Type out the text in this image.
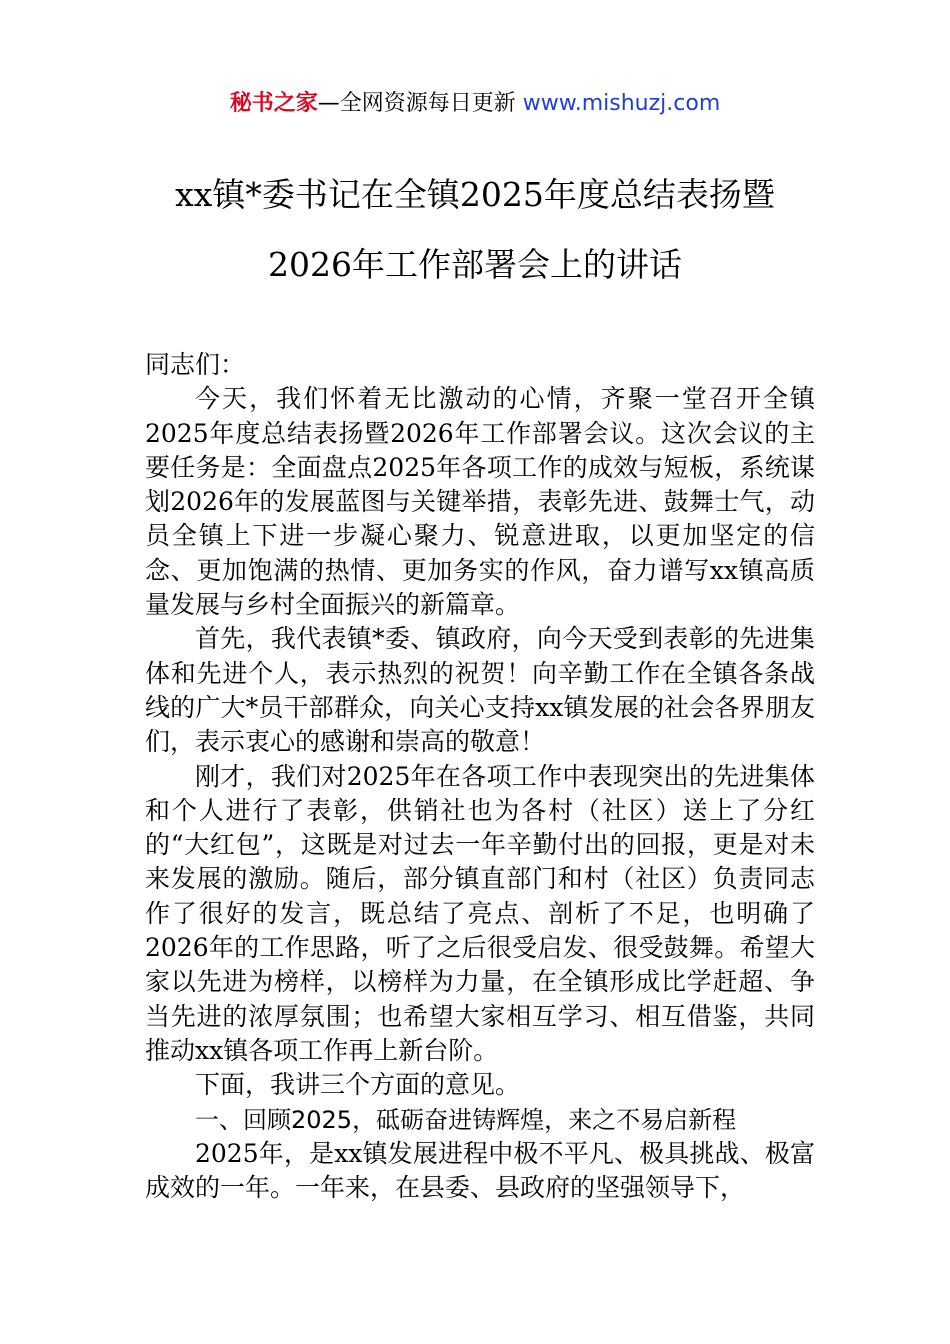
秘书之家—全网资源每日更新 www.mishuzj.com
xx镇*委书记在全镇2025年度总结表扬暨
2026年工作部署会上的讲话

同志们：

今天，我们怀着无比激动的心情，齐聚一堂召开全镇2025年度总结表扬暨2026年工作部署会议。这次会议的主要任务是：全面盘点2025年各项工作的成效与短板，系统谋划2026年的发展蓝图与关键举措，表彰先进、鼓舞士气，动员全镇上下进一步凝心聚力、锐意进取，以更加坚定的信念、更加饱满的热情、更加务实的作风，奋力谱写xx镇高质量发展与乡村全面振兴的新篇章。

首先，我代表镇*委、镇政府，向今天受到表彰的先进集体和先进个人，表示热烈的祝贺！向辛勤工作在全镇各条战线的广大*员干部群众，向关心支持xx镇发展的社会各界朋友们，表示衷心的感谢和崇高的敬意！

刚才，我们对2025年在各项工作中表现突出的先进集体和个人进行了表彰，供销社也为各村（社区）送上了分红的“大红包”，这既是对过去一年辛勤付出的回报，更是对未来发展的激励。随后，部分镇直部门和村（社区）负责同志作了很好的发言，既总结了亮点、剖析了不足，也明确了2026年的工作思路，听了之后很受启发、很受鼓舞。希望大家以先进为榜样，以榜样为力量，在全镇形成比学赶超、争当先进的浓厚氛围；也希望大家相互学习、相互借鉴，共同推动xx镇各项工作再上新台阶。

下面，我讲三个方面的意见。

一、回顾2025，砥砺奋进铸辉煌，来之不易启新程

2025年，是xx镇发展进程中极不平凡、极具挑战、极富成效的一年。一年来，在县委、县政府的坚强领导下，
